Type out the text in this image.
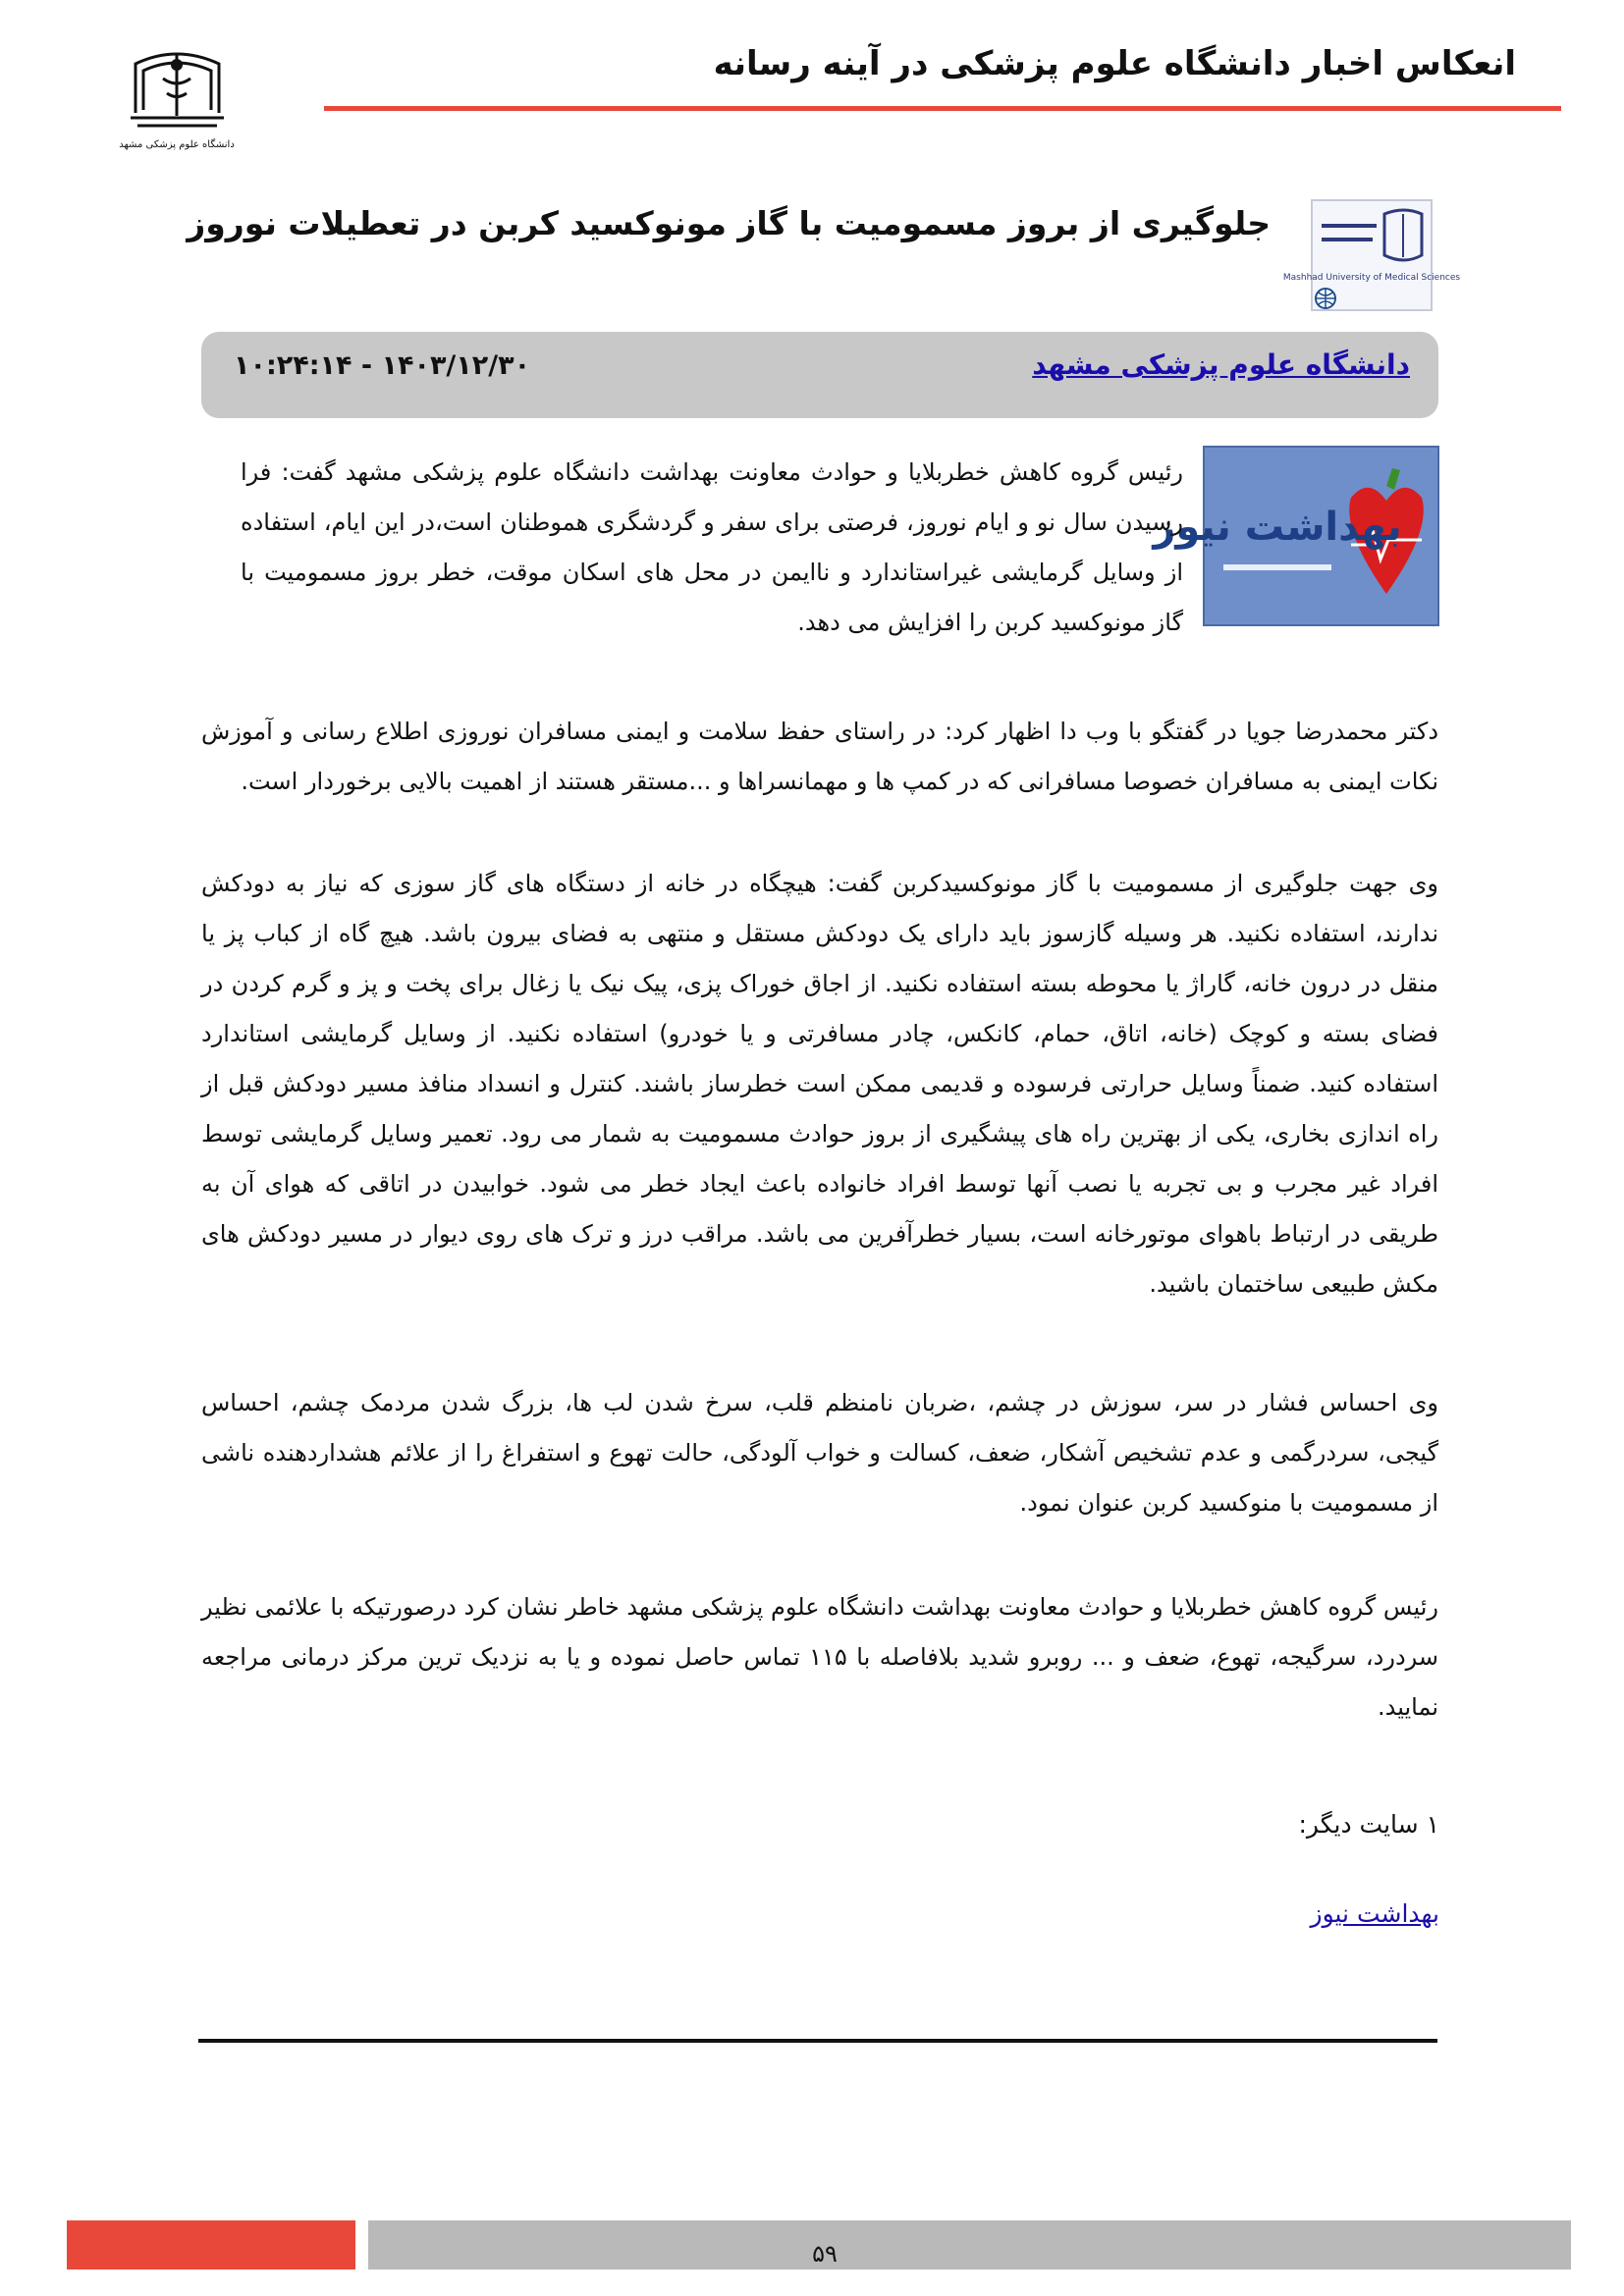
انعکاس اخبار دانشگاه علوم پزشکی در آینه رسانه
دانشگاه علوم پزشکی مشهد
جلوگیری از بروز مسمومیت با گاز مونوکسید کربن در تعطیلات نوروز
Mashhad University of Medical Sciences
دانشگاه علوم پزشکی مشهد
۱۴۰۳/۱۲/۳۰ - ۱۰:۲۴:۱۴
بهداشت نیوز
رئیس گروه کاهش خطربلایا و حوادث معاونت بهداشت دانشگاه علوم پزشکی مشهد گفت: فرا رسیدن سال نو و ایام نوروز، فرصتی برای سفر و گردشگری هموطنان است،در این ایام، استفاده از وسایل گرمایشی غیراستاندارد و ناایمن در محل های اسکان موقت، خطر بروز مسمومیت با گاز مونوکسید کربن را افزایش می دهد.
دکتر محمدرضا جویا در گفتگو با وب دا اظهار کرد: در راستای حفظ سلامت و ایمنی مسافران نوروزی اطلاع رسانی و آموزش نکات ایمنی به مسافران خصوصا مسافرانی که در کمپ ها و مهمانسراها و ...مستقر هستند از اهمیت بالایی برخوردار است.
وی جهت جلوگیری از مسمومیت با گاز مونوکسیدکربن گفت: هیچگاه در خانه از دستگاه های گاز سوزی که نیاز به دودکش ندارند، استفاده نکنید. هر وسیله گازسوز باید دارای یک دودکش مستقل و منتهی به فضای بیرون باشد. هیچ گاه از کباب پز یا منقل در درون خانه، گاراژ یا محوطه بسته استفاده نکنید. از اجاق خوراک پزی، پیک نیک یا زغال برای پخت و پز و گرم کردن در فضای بسته و کوچک (خانه، اتاق، حمام، کانکس، چادر مسافرتی و یا خودرو) استفاده نکنید. از وسایل گرمایشی استاندارد استفاده کنید. ضمناً وسایل حرارتی فرسوده و قدیمی ممکن است خطرساز باشند. کنترل و انسداد منافذ مسیر دودکش قبل از راه اندازی بخاری، یکی از بهترین راه های پیشگیری از بروز حوادث مسمومیت به شمار می رود. تعمیر وسایل گرمایشی توسط افراد غیر مجرب و بی تجربه یا نصب آنها توسط افراد خانواده باعث ایجاد خطر می شود. خوابیدن در اتاقی که هوای آن به طریقی در ارتباط باهوای موتورخانه است، بسیار خطرآفرین می باشد. مراقب درز و ترک های روی دیوار در مسیر دودکش های مکش طبیعی ساختمان باشید.
وی احساس فشار در سر، سوزش در چشم، ،ضربان نامنظم قلب، سرخ شدن لب ها، بزرگ شدن مردمک چشم، احساس گیجی، سردرگمی و عدم تشخیص آشکار، ضعف، کسالت و خواب آلودگی، حالت تهوع و استفراغ را از علائم هشداردهنده ناشی از مسمومیت با منوکسید کربن عنوان نمود.
رئیس گروه کاهش خطربلایا و حوادث معاونت بهداشت دانشگاه علوم پزشکی مشهد خاطر نشان کرد درصورتیکه با علائمی نظیر سردرد، سرگیجه، تهوع، ضعف و ... روبرو شدید بلافاصله با ۱۱۵ تماس حاصل نموده و یا به نزدیک ترین مرکز درمانی مراجعه نمایید.
۱ سایت دیگر:
بهداشت نیوز
۵۹
